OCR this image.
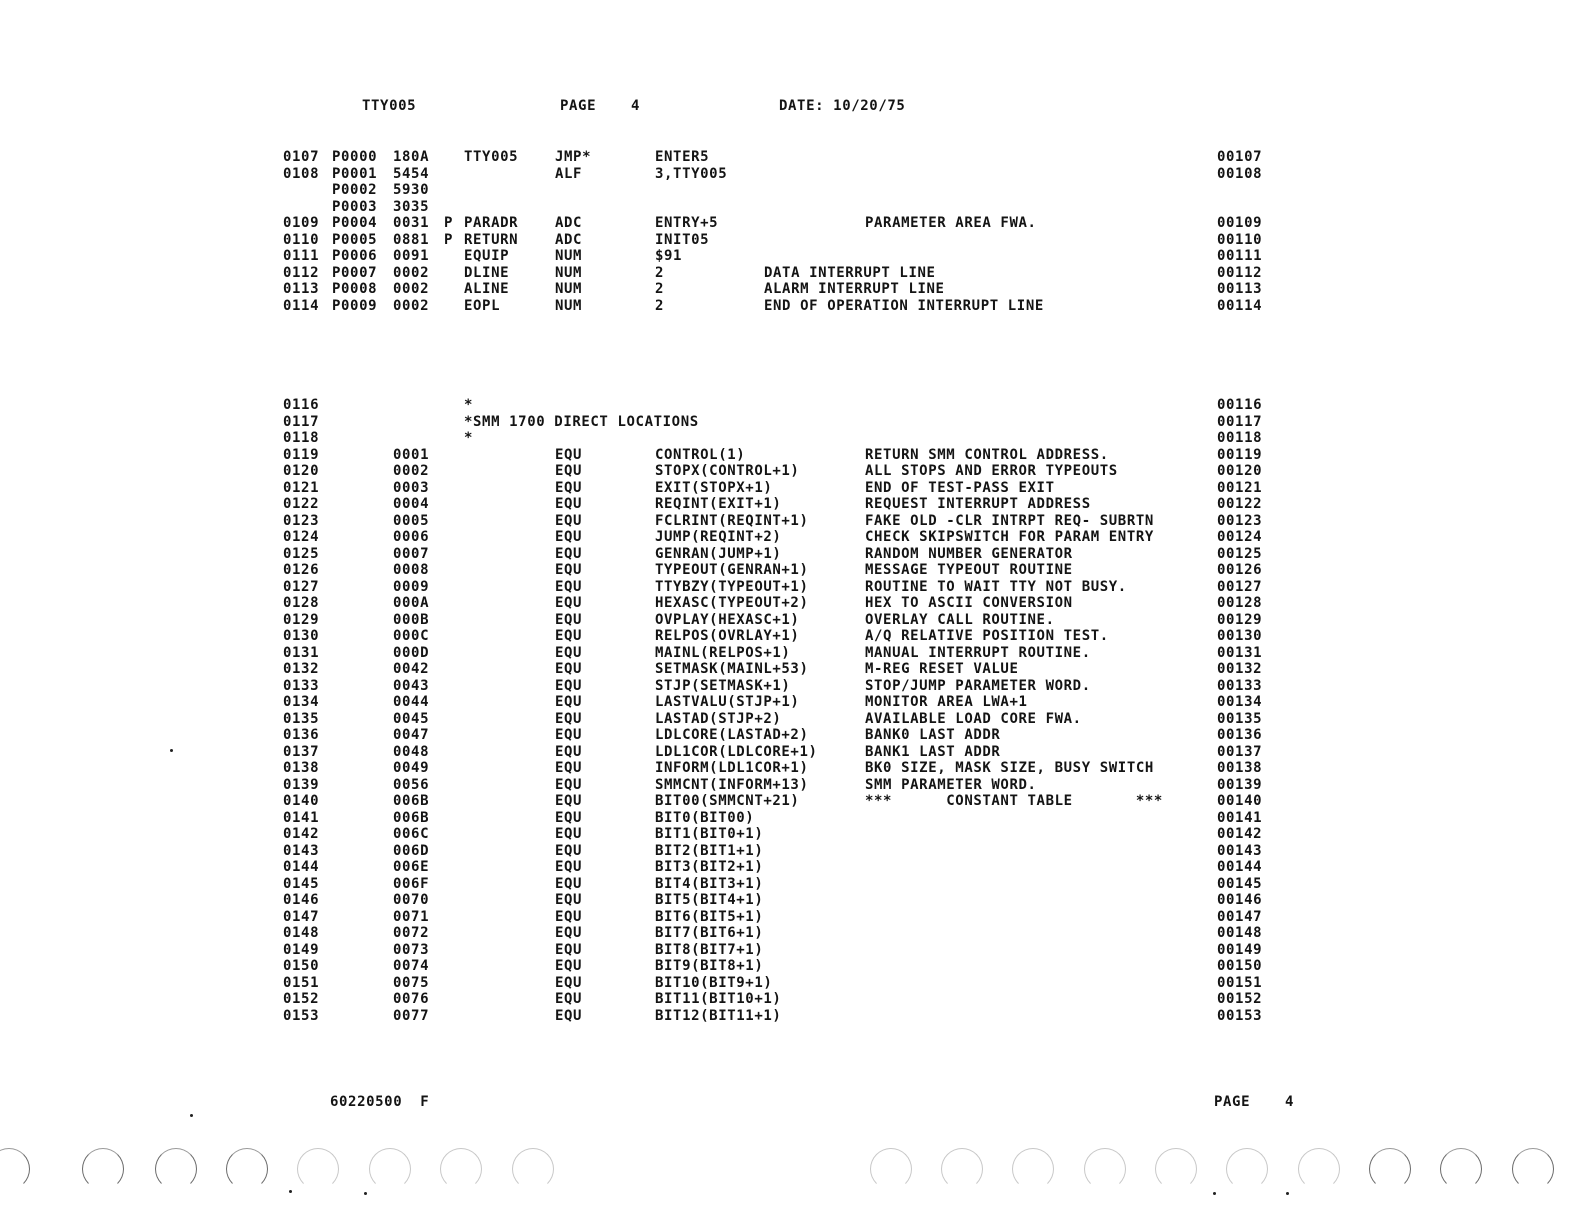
TTY005	PAGE 4	DATE: 10/20/75
0107 P0000 180A TTY005	JMP*	ENTER5	00107
0108 P0001 5454	ALF	3,TTY005	00108
P0002 5930
P0003 3035
0109 P0004 0031 P PARADR	ADC	ENTRY+5	PARAMETER AREA FWA.	00109
0110 P0005 0881 P RETURN	ADC	INIT05	00110
0111 P0006 0091 EQUIP	NUM	$91	00111
0112 P0007 0002 DLINE	NUM	2	DATA INTERRUPT LINE	00112
0113 P0008 0002 ALINE	NUM	2	ALARM INTERRUPT LINE	00113
0114 P0009 0002 EOPL	NUM	2	END OF OPERATION INTERRUPT LINE	00114
0116	*	00116
0117	*SMM 1700 DIRECT LOCATIONS	00117
0118	*	00118
0119	0001	EQU	CONTROL(1)	RETURN SMM CONTROL ADDRESS.	00119
0120	0002	EQU	STOPX(CONTROL+1)	ALL STOPS AND ERROR TYPEOUTS	00120
0121	0003	EQU	EXIT(STOPX+1)	END OF TEST-PASS EXIT	00121
0122	0004	EQU	REQINT(EXIT+1)	REQUEST INTERRUPT ADDRESS	00122
0123	0005	EQU	FCLRINT(REQINT+1)	FAKE OLD -CLR INTRPT REQ- SUBRTN	00123
0124	0006	EQU	JUMP(REQINT+2)	CHECK SKIPSWITCH FOR PARAM ENTRY	00124
0125	0007	EQU	GENRAN(JUMP+1)	RANDOM NUMBER GENERATOR	00125
0126	0008	EQU	TYPEOUT(GENRAN+1)	MESSAGE TYPEOUT ROUTINE	00126
0127	0009	EQU	TTYBZY(TYPEOUT+1)	ROUTINE TO WAIT TTY NOT BUSY.	00127
0128	000A	EQU	HEXASC(TYPEOUT+2)	HEX TO ASCII CONVERSION	00128
0129	000B	EQU	OVPLAY(HEXASC+1)	OVERLAY CALL ROUTINE.	00129
0130	000C	EQU	RELPOS(OVRLAY+1)	A/Q RELATIVE POSITION TEST.	00130
0131	000D	EQU	MAINL(RELPOS+1)	MANUAL INTERRUPT ROUTINE.	00131
0132	0042	EQU	SETMASK(MAINL+53)	M-REG RESET VALUE	00132
0133	0043	EQU	STJP(SETMASK+1)	STOP/JUMP PARAMETER WORD.	00133
0134	0044	EQU	LASTVALU(STJP+1)	MONITOR AREA LWA+1	00134
0135	0045	EQU	LASTAD(STJP+2)	AVAILABLE LOAD CORE FWA.	00135
0136	0047	EQU	LDLCORE(LASTAD+2)	BANK0 LAST ADDR	00136
0137	0048	EQU	LDL1COR(LDLCORE+1)	BANK1 LAST ADDR	00137
0138	0049	EQU	INFORM(LDL1COR+1)	BK0 SIZE, MASK SIZE, BUSY SWITCH	00138
0139	0056	EQU	SMMCNT(INFORM+13)	SMM PARAMETER WORD.	00139
0140	006B	EQU	BIT00(SMMCNT+21)	***      CONSTANT TABLE       ***	00140
0141	006B	EQU	BIT0(BIT00)	00141
0142	006C	EQU	BIT1(BIT0+1)	00142
0143	006D	EQU	BIT2(BIT1+1)	00143
0144	006E	EQU	BIT3(BIT2+1)	00144
0145	006F	EQU	BIT4(BIT3+1)	00145
0146	0070	EQU	BIT5(BIT4+1)	00146
0147	0071	EQU	BIT6(BIT5+1)	00147
0148	0072	EQU	BIT7(BIT6+1)	00148
0149	0073	EQU	BIT8(BIT7+1)	00149
0150	0074	EQU	BIT9(BIT8+1)	00150
0151	0075	EQU	BIT10(BIT9+1)	00151
0152	0076	EQU	BIT11(BIT10+1)	00152
0153	0077	EQU	BIT12(BIT11+1)	00153
60220500  F	PAGE 4
